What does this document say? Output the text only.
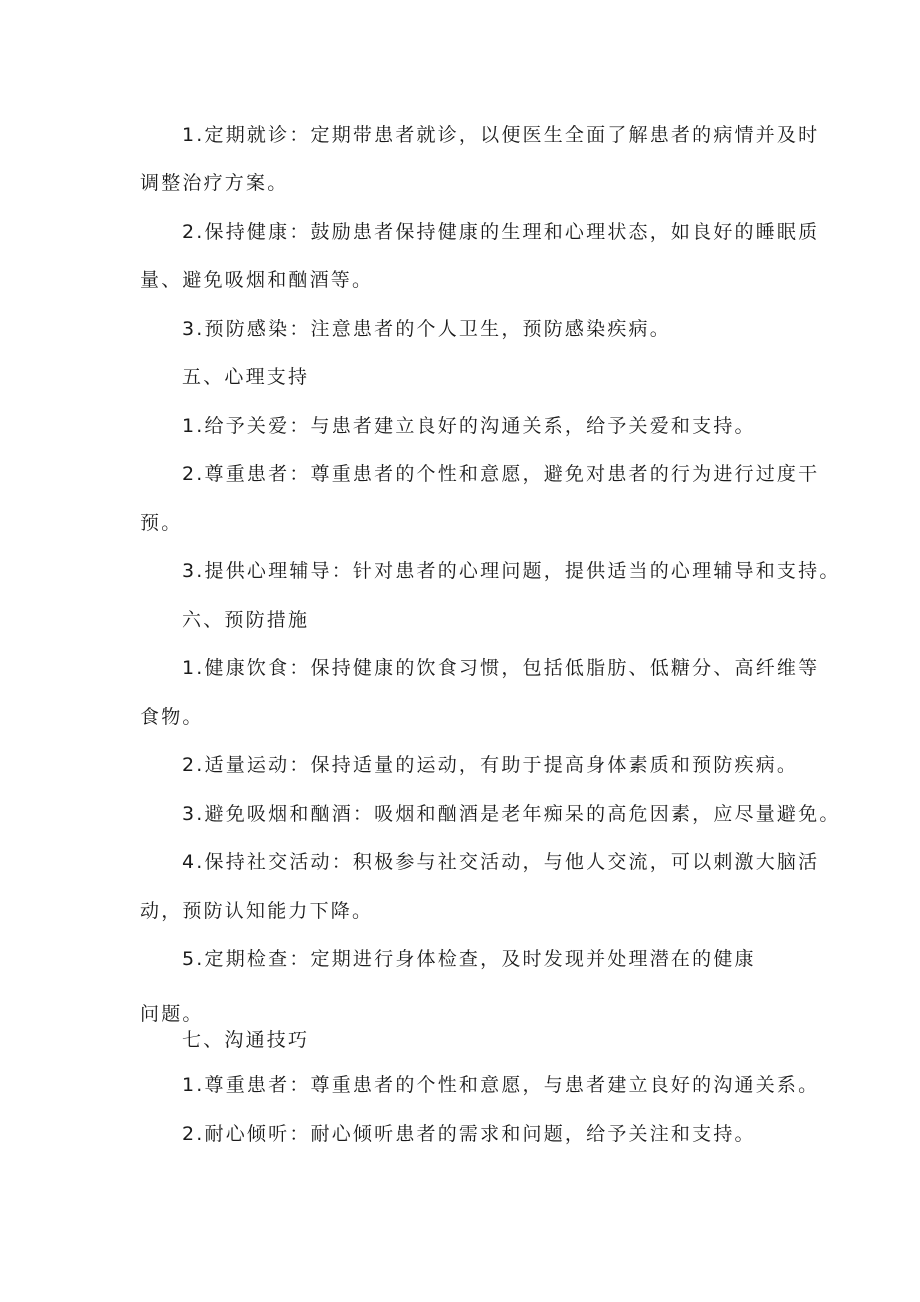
1.定期就诊：定期带患者就诊，以便医生全面了解患者的病情并及时
调整治疗方案。
2.保持健康：鼓励患者保持健康的生理和心理状态，如良好的睡眠质
量、避免吸烟和酗酒等。
3.预防感染：注意患者的个人卫生，预防感染疾病。
五、心理支持
1.给予关爱：与患者建立良好的沟通关系，给予关爱和支持。
2.尊重患者：尊重患者的个性和意愿，避免对患者的行为进行过度干
预。
3.提供心理辅导：针对患者的心理问题，提供适当的心理辅导和支持。
六、预防措施
1.健康饮食：保持健康的饮食习惯，包括低脂肪、低糖分、高纤维等
食物。
2.适量运动：保持适量的运动，有助于提高身体素质和预防疾病。
3.避免吸烟和酗酒：吸烟和酗酒是老年痴呆的高危因素，应尽量避免。
4.保持社交活动：积极参与社交活动，与他人交流，可以刺激大脑活
动，预防认知能力下降。
5.定期检查：定期进行身体检查，及时发现并处理潜在的健康
问题。
七、沟通技巧
1.尊重患者：尊重患者的个性和意愿，与患者建立良好的沟通关系。
2.耐心倾听：耐心倾听患者的需求和问题，给予关注和支持。
